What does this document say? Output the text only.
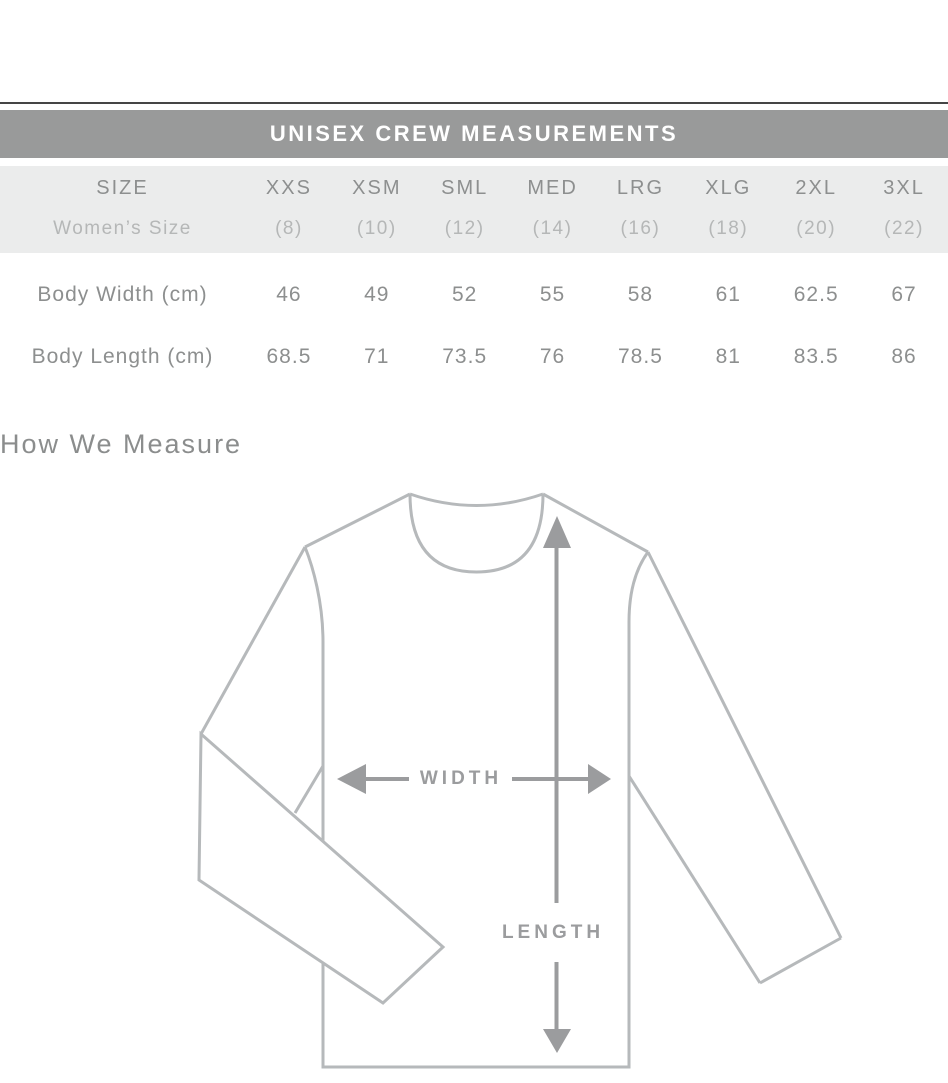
UNISEX CREW MEASUREMENTS
SIZE	XXS	XSM	SML	MED	LRG	XLG	2XL	3XL
Women’s Size	(8)	(10)	(12)	(14)	(16)	(18)	(20)	(22)
Body Width (cm)	46	49	52	55	58	61	62.5	67
Body Length (cm)	68.5	71	73.5	76	78.5	81	83.5	86
How We Measure
WIDTH
LENGTH
